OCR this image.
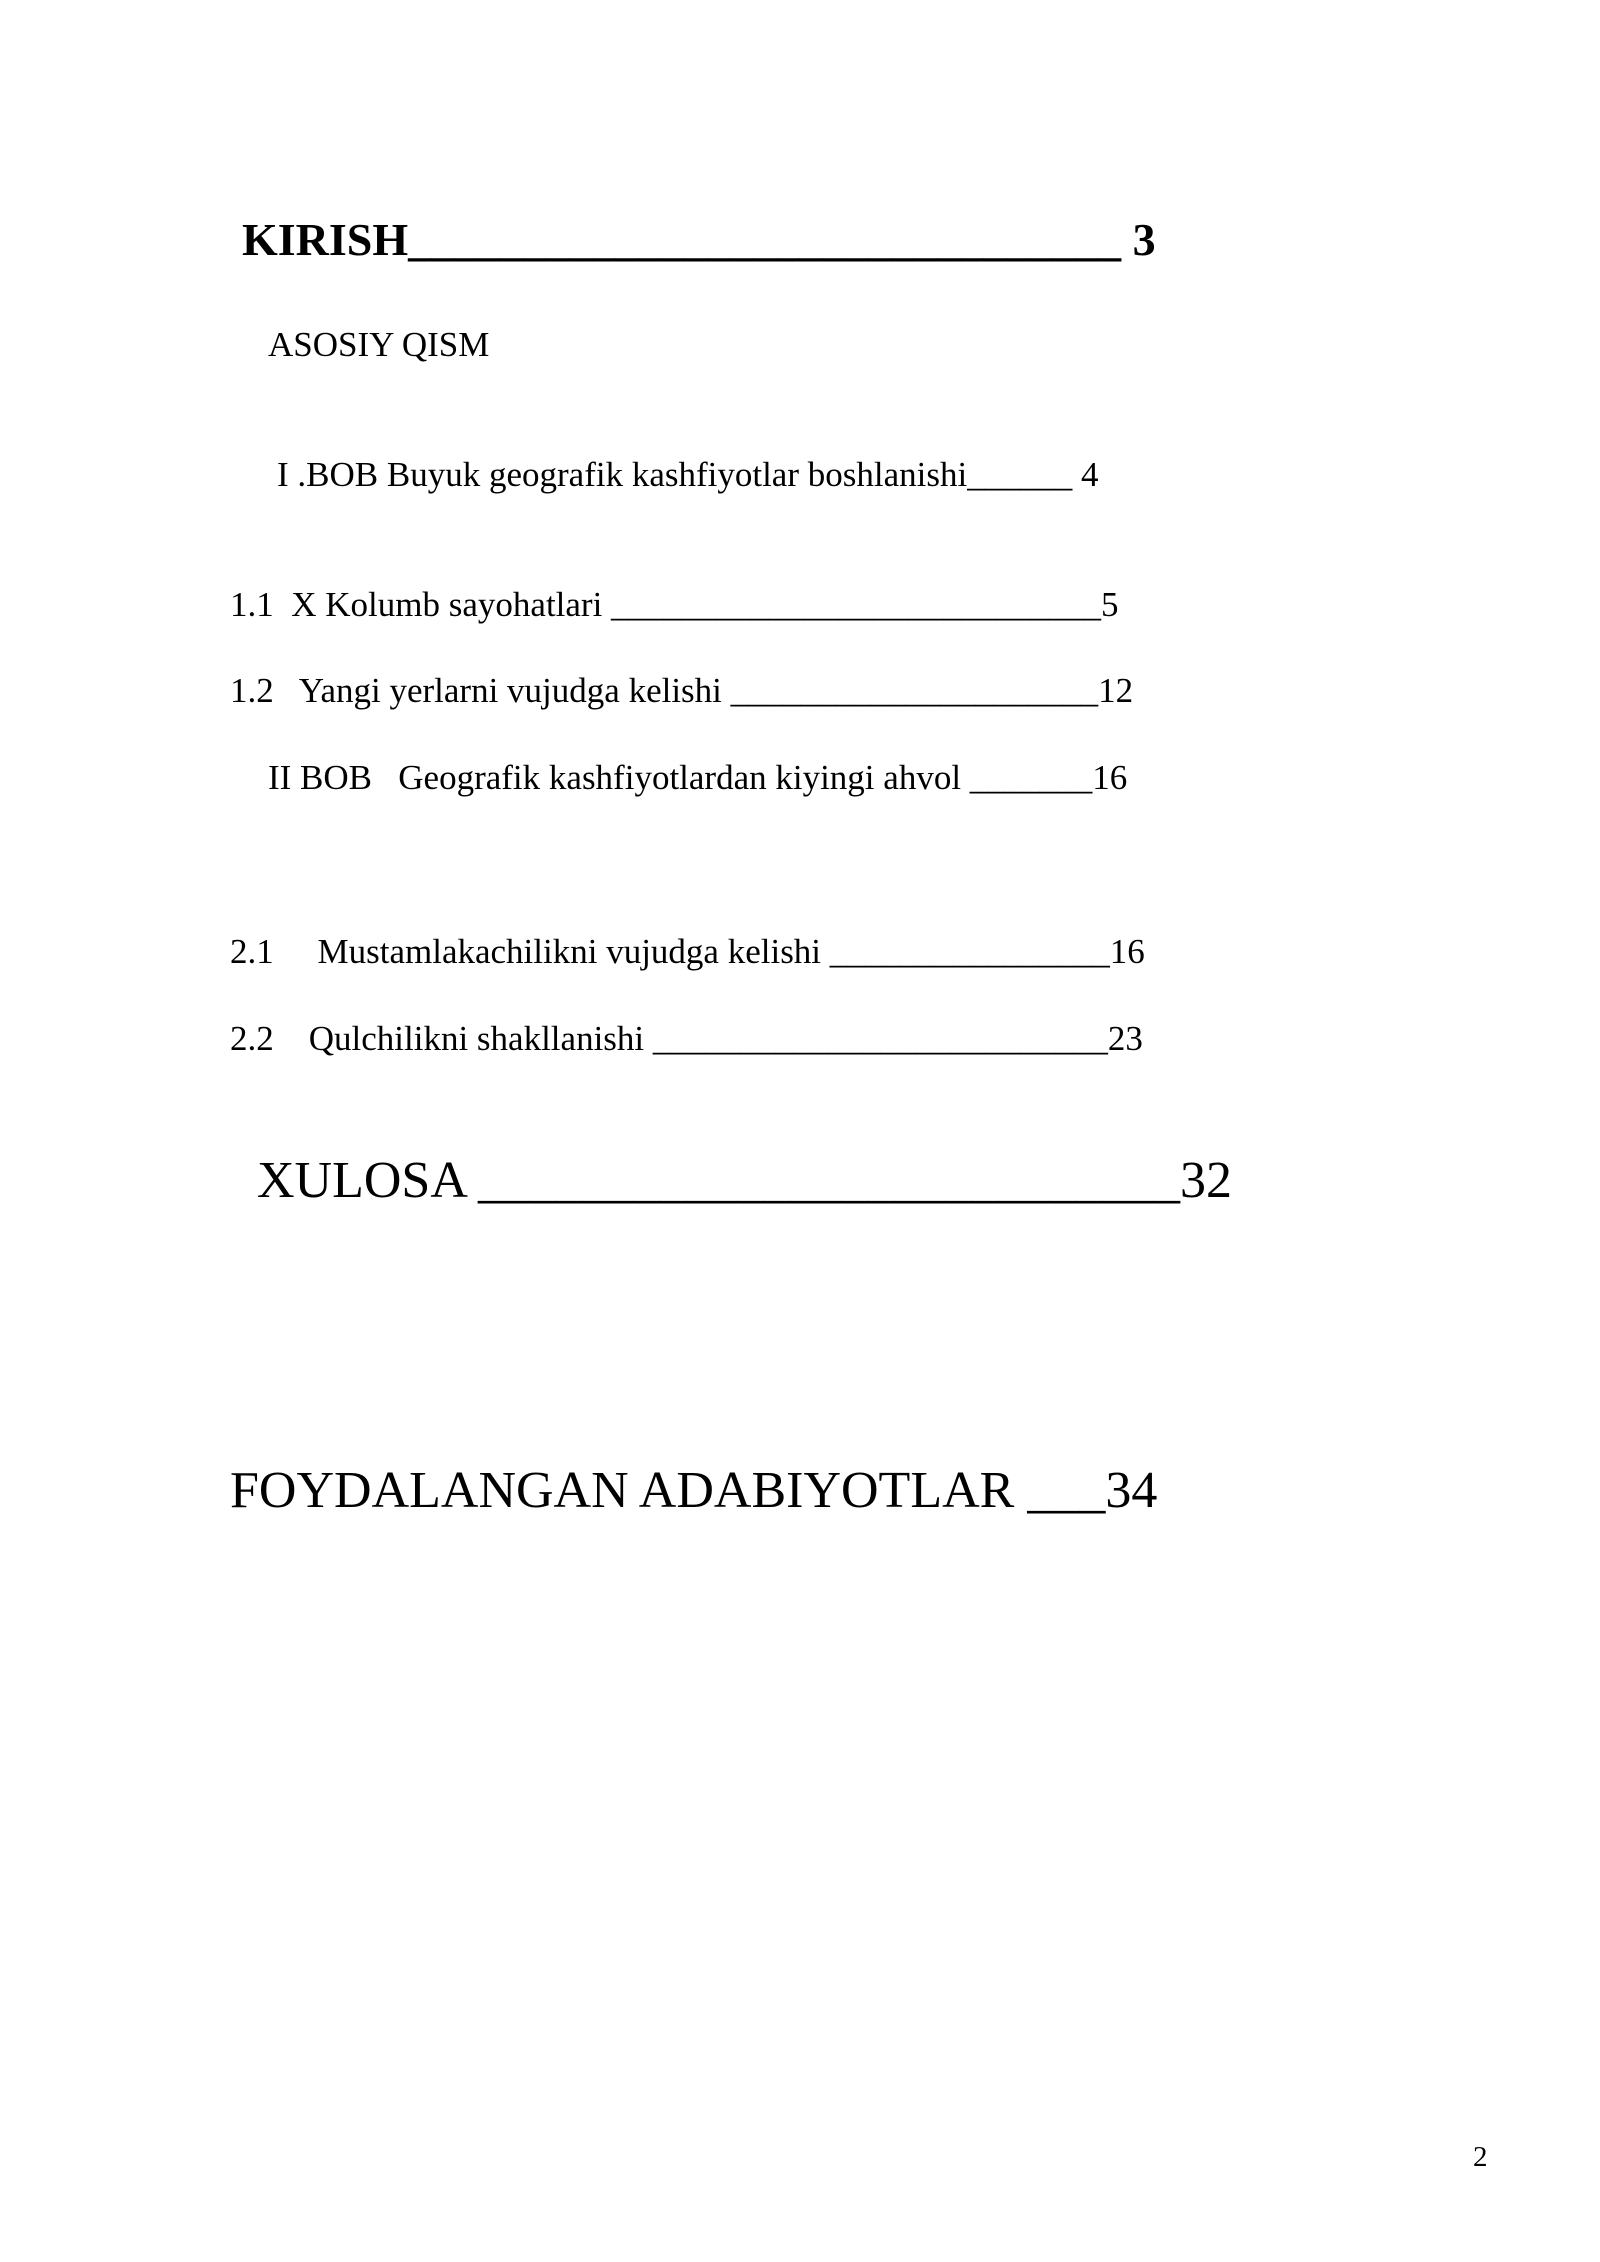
KIRISH_______________________________ 3
ASOSIY QISM
I .BOB Buyuk geografik kashfiyotlar boshlanishi______ 4
1.1  X Kolumb sayohatlari ____________________________5
1.2   Yangi yerlarni vujudga kelishi _____________________12
II BOB   Geografik kashfiyotlardan kiyingi ahvol _______16
2.1     Mustamlakachilikni vujudga kelishi ________________16
2.2    Qulchilikni shakllanishi __________________________23
XULOSA ___________________________32
FOYDALANGAN ADABIYOTLAR ___34
2
